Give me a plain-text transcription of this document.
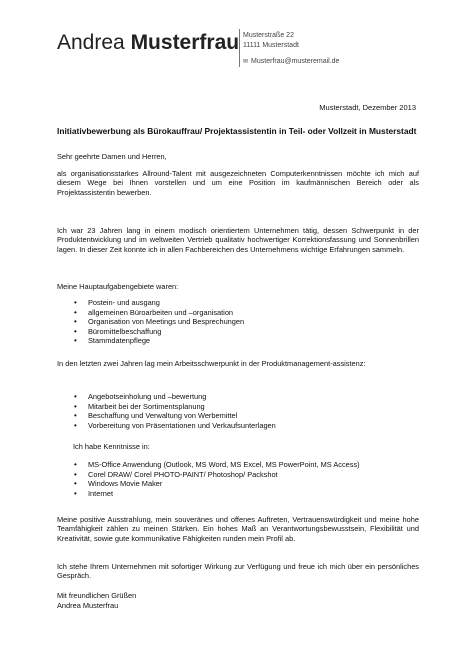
Andrea Musterfrau Musterstraße 22
11111 Musterstadt
✉ Musterfrau@musteremail.de
Musterstadt, Dezember 2013
Initiativbewerbung als Bürokauffrau/ Projektassistentin in Teil- oder Vollzeit in Musterstadt

Sehr geehrte Damen und Herren,

als organisationsstarkes Allround-Talent mit ausgezeichneten Computerkenntnissen möchte ich mich auf diesem Wege bei Ihnen vorstellen und um eine Position im kaufmännischen Bereich oder als Projektassistentin bewerben.

Ich war 23 Jahren lang in einem modisch orientiertem Unternehmen tätig, dessen Schwerpunkt in der Produktentwicklung und im weltweiten Vertrieb qualitativ hochwertiger Korrektionsfassung und Sonnenbrillen lagen. In dieser Zeit konnte ich in allen Fachbereichen des Unternehmens wichtige Erfahrungen sammeln.

Meine Hauptaufgabengebiete waren:

• Postein- und ausgang
• allgemeinen Büroarbeiten und –organisation
• Organisation von Meetings und Besprechungen
• Büromittelbeschaffung
• Stammdatenpflege

In den letzten zwei Jahren lag mein Arbeitsschwerpunkt in der Produktmanagement-assistenz:

• Angebotseinholung und –bewertung
• Mitarbeit bei der Sortimentsplanung
• Beschaffung und Verwaltung von Werbemittel
• Vorbereitung von Präsentationen und Verkaufsunterlagen
Ich habe Kenntnisse in:
• MS-Office Anwendung (Outlook, MS Word, MS Excel, MS PowerPoint, MS Access)
• Corel DRAW/ Corel PHOTO-PAINT/ Photoshop/ Packshot
• Windows Movie Maker
• Internet

Meine positive Ausstrahlung, mein souveränes und offenes Auftreten, Vertrauenswürdigkeit und meine hohe Teamfähigkeit zählen zu meinen Stärken. Ein hohes Maß an Verantwortungsbewusstsein, Flexibilität und Kreativität, sowie gute kommunikative Fähigkeiten runden mein Profil ab.

Ich stehe Ihrem Unternehmen mit sofortiger Wirkung zur Verfügung und freue ich mich über ein persönliches Gespräch.

Mit freundlichen Grüßen

Andrea Musterfrau
